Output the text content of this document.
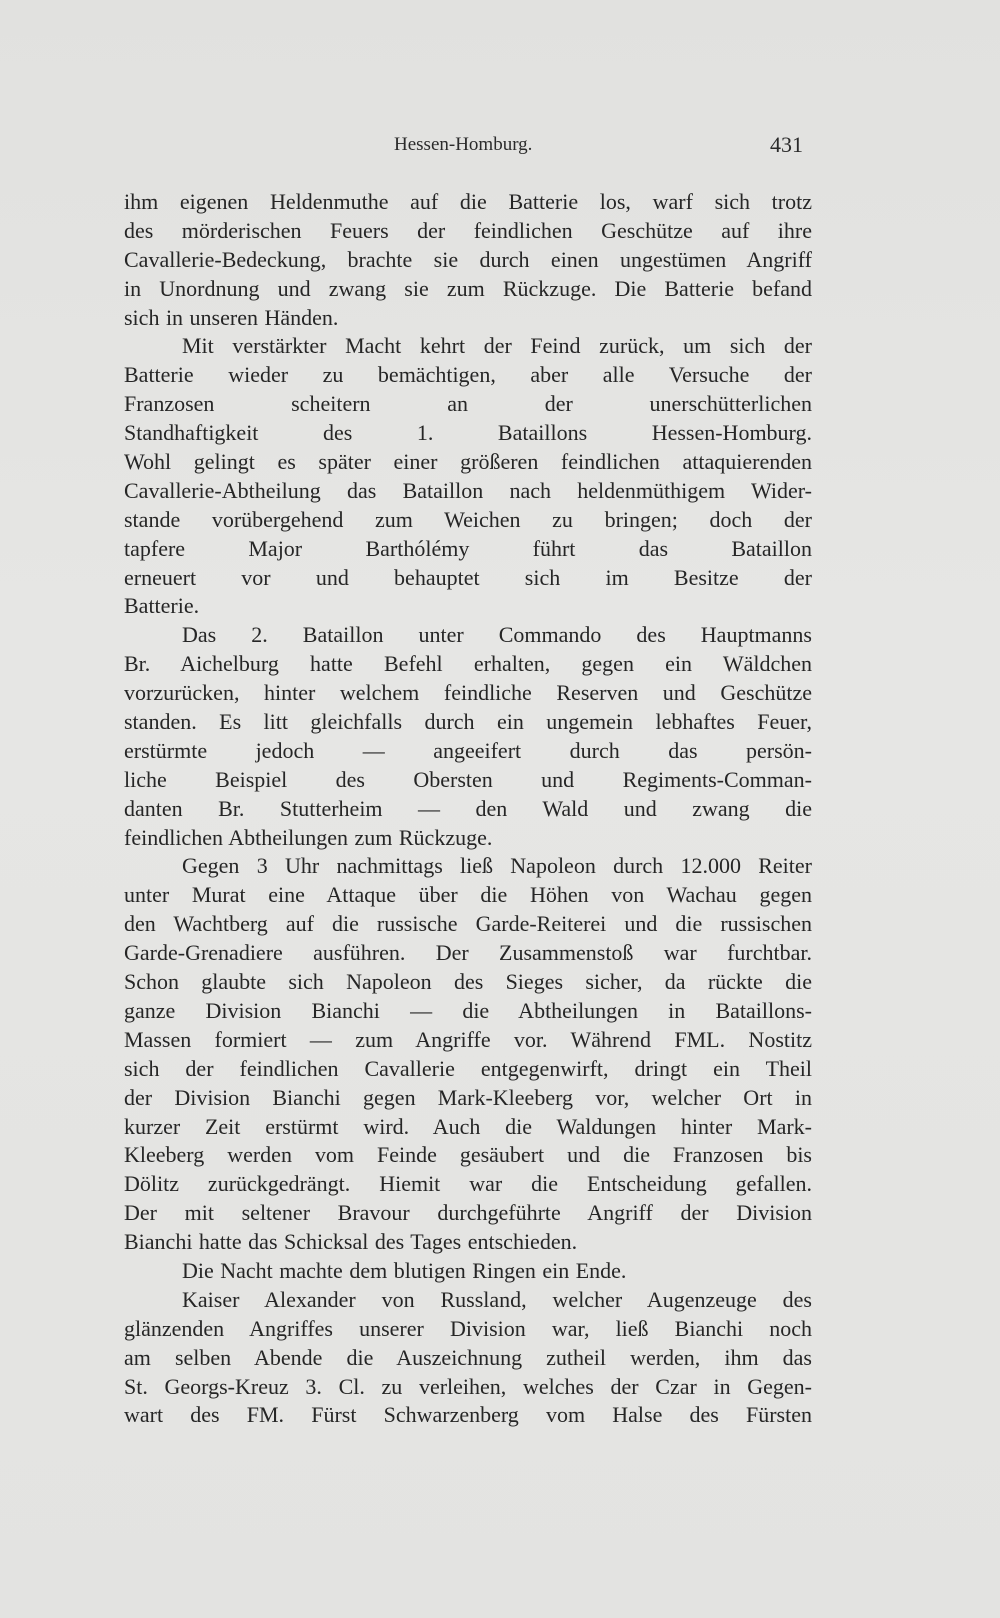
Hessen-Homburg.	431
ihm eigenen Heldenmuthe auf die Batterie los, warf sich trotz
des mörderischen Feuers der feindlichen Geschütze auf ihre
Cavallerie-Bedeckung, brachte sie durch einen ungestümen Angriff
in Unordnung und zwang sie zum Rückzuge. Die Batterie befand
sich in unseren Händen.
Mit verstärkter Macht kehrt der Feind zurück, um sich der
Batterie wieder zu bemächtigen, aber alle Versuche der
Franzosen scheitern an der unerschütterlichen
Standhaftigkeit des 1. Bataillons Hessen-Homburg.
Wohl gelingt es später einer größeren feindlichen attaquierenden
Cavallerie-Abtheilung das Bataillon nach heldenmüthigem Wider-
stande vorübergehend zum Weichen zu bringen; doch der
tapfere Major Barthólémy führt das Bataillon
erneuert vor und behauptet sich im Besitze der
Batterie.
Das 2. Bataillon unter Commando des Hauptmanns
Br. Aichelburg hatte Befehl erhalten, gegen ein Wäldchen
vorzurücken, hinter welchem feindliche Reserven und Geschütze
standen. Es litt gleichfalls durch ein ungemein lebhaftes Feuer,
erstürmte jedoch — angeeifert durch das persön-
liche Beispiel des Obersten und Regiments-Comman-
danten Br. Stutterheim — den Wald und zwang die
feindlichen Abtheilungen zum Rückzuge.
Gegen 3 Uhr nachmittags ließ Napoleon durch 12.000 Reiter
unter Murat eine Attaque über die Höhen von Wachau gegen
den Wachtberg auf die russische Garde-Reiterei und die russischen
Garde-Grenadiere ausführen. Der Zusammenstoß war furchtbar.
Schon glaubte sich Napoleon des Sieges sicher, da rückte die
ganze Division Bianchi — die Abtheilungen in Bataillons-
Massen formiert — zum Angriffe vor. Während FML. Nostitz
sich der feindlichen Cavallerie entgegenwirft, dringt ein Theil
der Division Bianchi gegen Mark-Kleeberg vor, welcher Ort in
kurzer Zeit erstürmt wird. Auch die Waldungen hinter Mark-
Kleeberg werden vom Feinde gesäubert und die Franzosen bis
Dölitz zurückgedrängt. Hiemit war die Entscheidung gefallen.
Der mit seltener Bravour durchgeführte Angriff der Division
Bianchi hatte das Schicksal des Tages entschieden.
Die Nacht machte dem blutigen Ringen ein Ende.
Kaiser Alexander von Russland, welcher Augenzeuge des
glänzenden Angriffes unserer Division war, ließ Bianchi noch
am selben Abende die Auszeichnung zutheil werden, ihm das
St. Georgs-Kreuz 3. Cl. zu verleihen, welches der Czar in Gegen-
wart des FM. Fürst Schwarzenberg vom Halse des Fürsten
